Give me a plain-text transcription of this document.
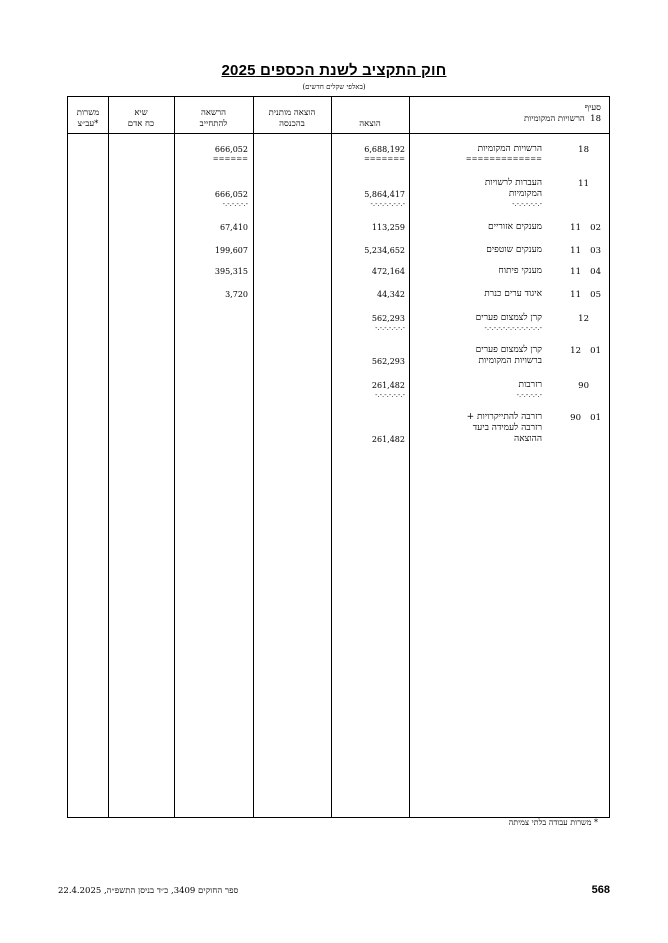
חוק התקציב לשנת הכספים 2025
(באלפי שקלים חדשים)
משרות
עב״צ*
שיא
כח אדם
הרשאה
להתחייב
הוצאה מותנית
בהכנסה	הוצאה
סעיף
18  הרשויות המקומיות
18
הרשויות המקומיות
6,688,192
666,052
=============
=======
======
11
העברות לרשויות
המקומיות
5,864,417
666,052
-.-.-.-.-.-.-
-.-.-.-.-.-.-.-
-.-.-.-.-.-
11 02
מענקים אזוריים
113,259
67,410
11 03
מענקים שוטפים
5,234,652
199,607
11 04
מענקי פיתוח
472,164
395,315
11 05
איגוד ערים כנרת
44,342
3,720
12
קרן לצמצום פערים
562,293
-.-.-.-.-.-.-.-.-.-.-.-.-
-.-.-.-.-.-.-
12 01
קרן לצמצום פערים
ברשויות המקומיות
562,293
90
רזרבות
261,482
-.-.-.-.-.-
-.-.-.-.-.-.-
90 01
רזרבה להתייקרויות +
רזרבה לעמידה ביעד
ההוצאה
261,482
* משרות עבודה בלתי צמיתה
ספר החוקים 3409, כ״ד בניסן התשפ״ה, 22.4.2025	568
